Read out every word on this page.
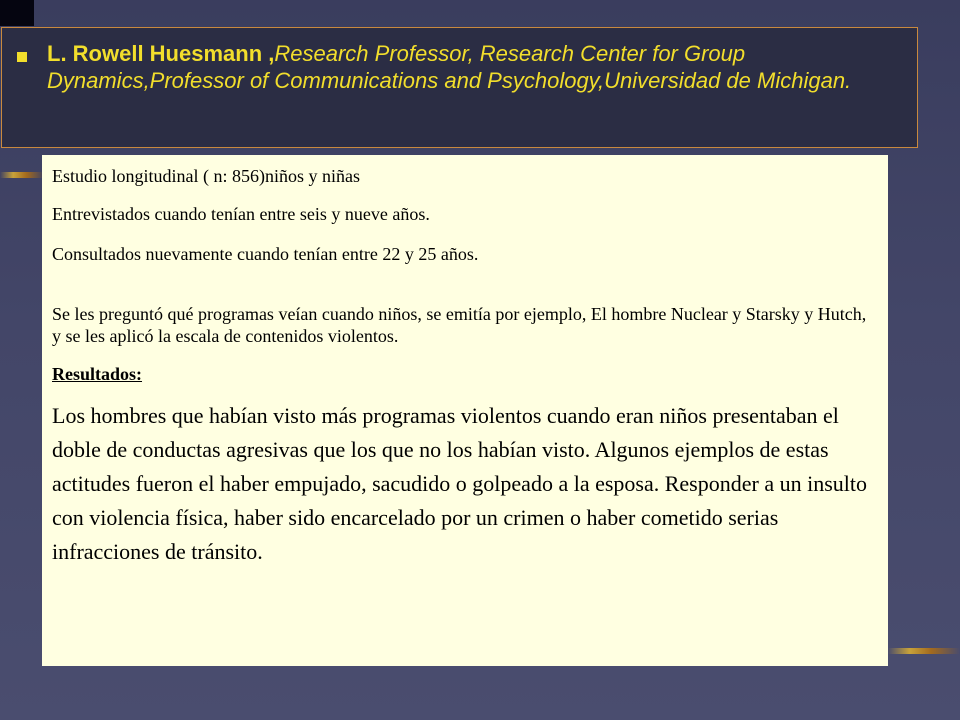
L. Rowell Huesmann ,Research Professor, Research Center for Group Dynamics,Professor of Communications and Psychology,Universidad de Michigan.

Estudio longitudinal ( n: 856)niños y niñas

Entrevistados cuando tenían entre seis y nueve años.

Consultados nuevamente cuando tenían entre 22 y 25 años.

Se les preguntó qué programas veían cuando niños, se emitía por ejemplo, El hombre Nuclear y Starsky y Hutch, y se les aplicó la escala de contenidos violentos.

Resultados:

Los hombres que habían visto más programas violentos cuando eran niños presentaban el doble de conductas agresivas que los que no los habían visto. Algunos ejemplos de estas actitudes fueron el haber empujado, sacudido o golpeado a la esposa. Responder a un insulto con violencia física, haber sido encarcelado por un crimen o haber cometido serias infracciones de tránsito.
